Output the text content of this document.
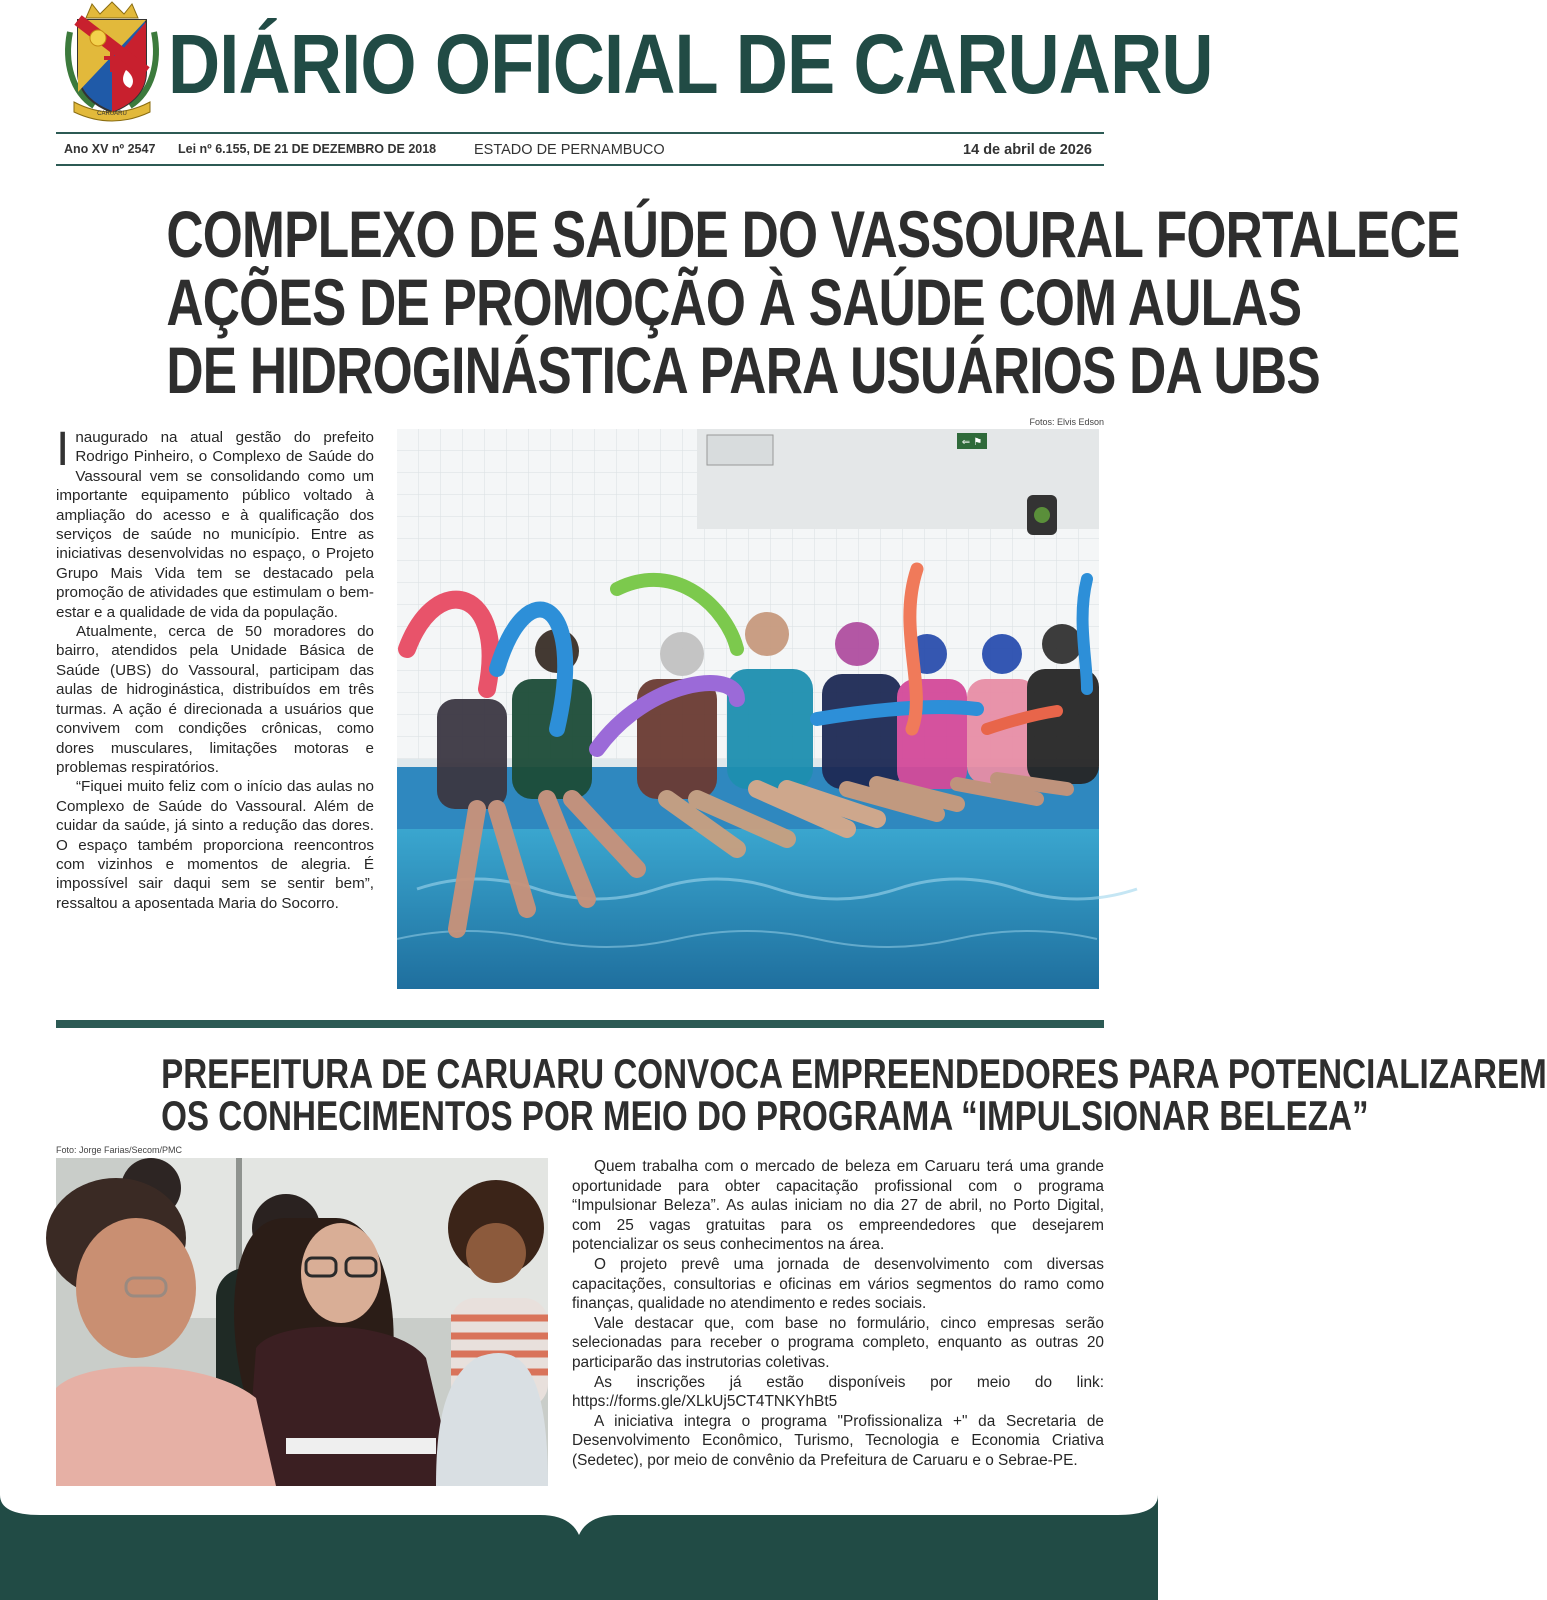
CARUARU
DIÁRIO OFICIAL DE CARUARU
Ano XV nº 2547 Lei nº 6.155, DE 21 DE DEZEMBRO DE 2018	ESTADO DE PERNAMBUCO	14 de abril de 2026
COMPLEXO DE SAÚDE DO VASSOURAL FORTALECE
AÇÕES DE PROMOÇÃO À SAÚDE COM AULAS
DE HIDROGINÁSTICA PARA USUÁRIOS DA UBS
Fotos: Elvis Edson

Inaugurado na atual gestão do prefeito Rodrigo Pinheiro, o Complexo de Saúde do Vassoural vem se consolidando como um importante equipamento público voltado à ampliação do acesso e à qualificação dos serviços de saúde no município. Entre as iniciativas desenvolvidas no espaço, o Projeto Grupo Mais Vida tem se destacado pela promoção de atividades que estimulam o bem-estar e a qualidade de vida da população.

Atualmente, cerca de 50 moradores do bairro, atendidos pela Unidade Básica de Saúde (UBS) do Vassoural, participam das aulas de hidroginástica, distribuídos em três turmas. A ação é direcionada a usuários que convivem com condições crônicas, como dores musculares, limitações motoras e problemas respiratórios.

“Fiquei muito feliz com o início das aulas no Complexo de Saúde do Vassoural. Além de cuidar da saúde, já sinto a redução das dores. O espaço também proporciona reencontros com vizinhos e momentos de alegria. É impossível sair daqui sem se sentir bem”, ressaltou a aposentada Maria do Socorro.

⇐ ⚑
PREFEITURA DE CARUARU CONVOCA EMPREENDEDORES PARA POTENCIALIZAREM
OS CONHECIMENTOS POR MEIO DO PROGRAMA “IMPULSIONAR BELEZA”
Foto: Jorge Farias/Secom/PMC

Quem trabalha com o mercado de beleza em Caruaru terá uma grande oportunidade para obter capacitação profissional com o programa “Impulsionar Beleza”. As aulas iniciam no dia 27 de abril, no Porto Digital, com 25 vagas gratuitas para os empreendedores que desejarem potencializar os seus conhecimentos na área.

O projeto prevê uma jornada de desenvolvimento com diversas capacitações, consultorias e oficinas em vários segmentos do ramo como finanças, qualidade no atendimento e redes sociais.

Vale destacar que, com base no formulário, cinco empresas serão selecionadas para receber o programa completo, enquanto as outras 20 participarão das instrutorias coletivas.

As inscrições já estão disponíveis por meio do link: https://forms.gle/XLkUj5CT4TNKYhBt5

A iniciativa integra o programa "Profissionaliza +" da Secretaria de Desenvolvimento Econômico, Turismo, Tecnologia e Economia Criativa (Sedetec), por meio de convênio da Prefeitura de Caruaru e o Sebrae-PE.
